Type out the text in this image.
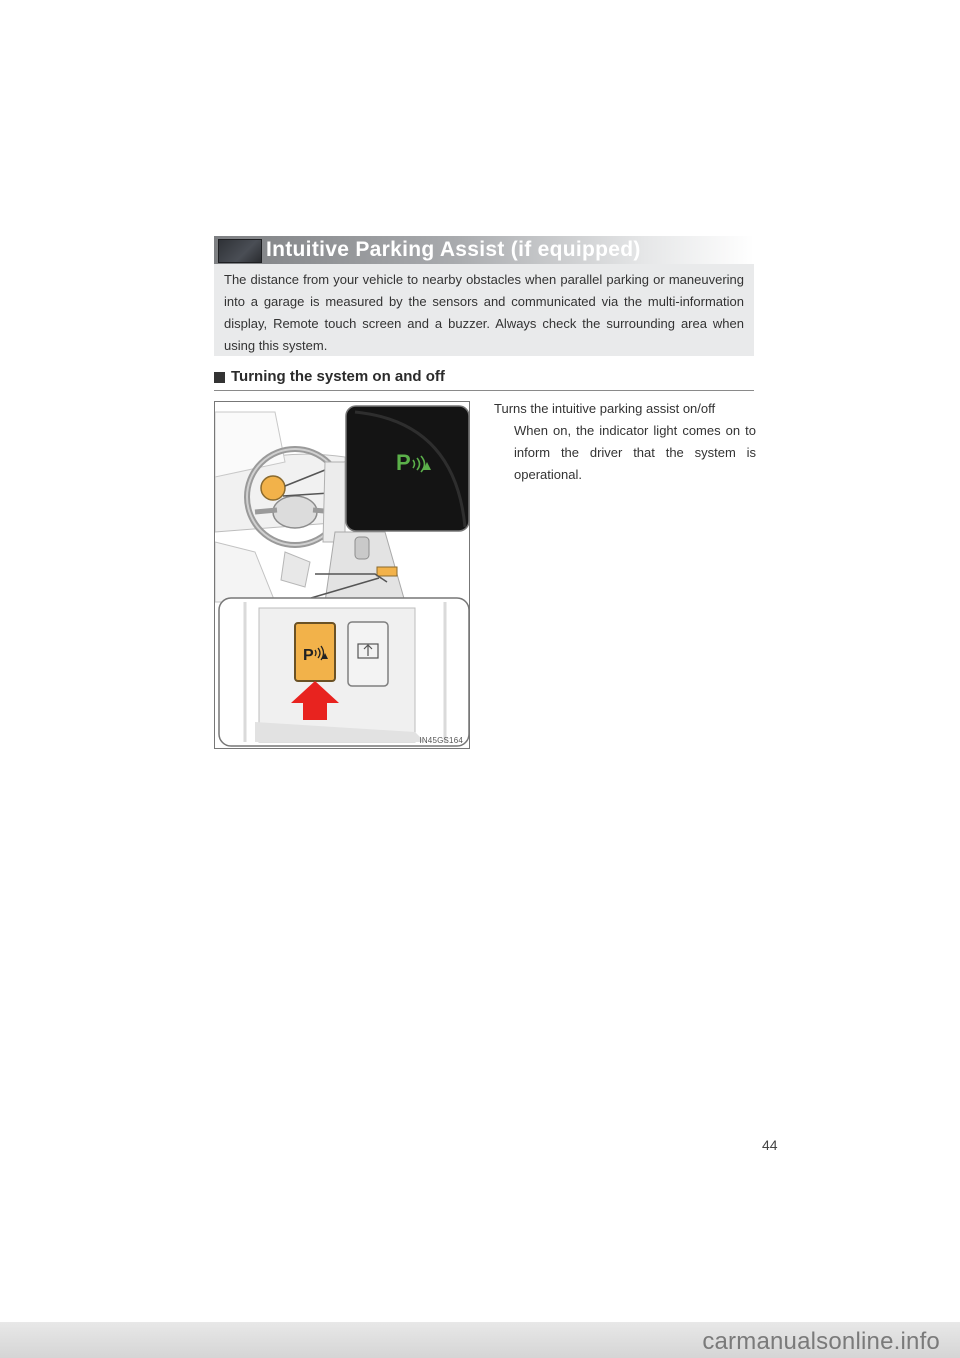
Intuitive Parking Assist (if equipped)

The distance from your vehicle to nearby obstacles when parallel parking or maneuvering into a garage is measured by the sensors and communicated via the multi-information display, Remote touch screen and a buzzer. Always check the surrounding area when using this system.

Turning the system on and off
P
P
IN45GS164

Turns the intuitive parking assist on/off

When on, the indicator light comes on to inform the driver that the system is operational.

44
carmanualsonline.info
